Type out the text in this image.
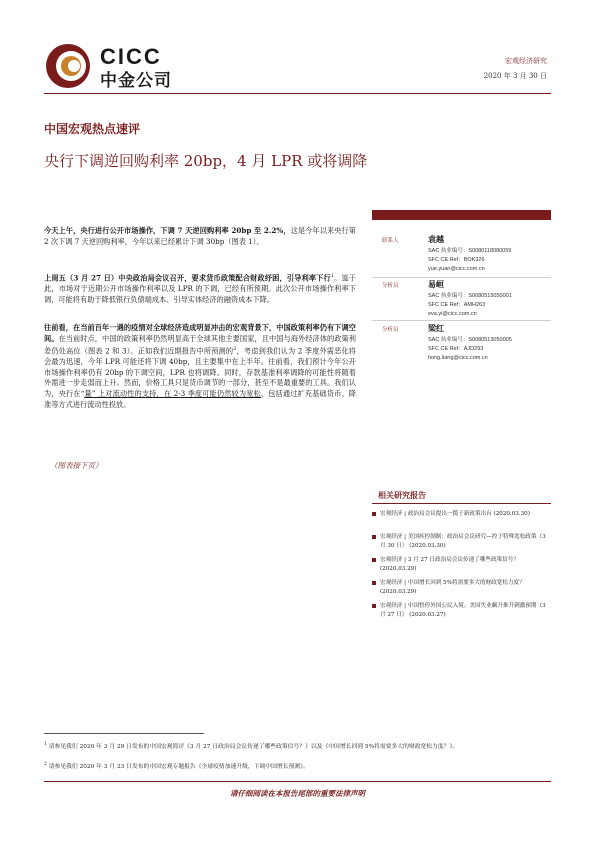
CICC
中金公司
宏观经济研究
2020 年 3 月 30 日
中国宏观热点速评
央行下调逆回购利率 20bp，4 月 LPR 或将调降
今天上午，央行进行公开市场操作，下调 7 天逆回购利率 20bp 至 2.2%，这是今年以来央行第 2 次下调 7 天逆回购利率，今年以来已经累计下调 30bp（图表 1）。
上周五（3 月 27 日）中央政治局会议召开，要求货币政策配合财政纾困，引导利率下行$^1$。鉴于此，市场对于近期公开市场操作利率以及 LPR 的下调，已经有所预期。此次公开市场操作利率下调，可能将有助于降低银行负债端成本、引导实体经济的融资成本下降。
往前看，在当前百年一遇的疫情对全球经济造成明显冲击的宏观背景下，中国政策利率仍有下调空间。在当前时点，中国的政策利率仍然明显高于全球其他主要国家，且中国与海外经济体的政策利差仍处高位（图表 2 和 3）。正如我们近期报告中所预测的$^2$，考虑到我们认为 2 季度外需恶化将会最为迅速，今年 LPR 可能还将下调 40bp，且主要集中在上半年。往前看，我们预计今年公开市场操作利率仍有 20bp 的下调空间，LPR 也将调降。同时，存款基准利率调降的可能性将随着外需进一步走弱而上升。然而，价格工具只是货币调节的一部分，甚至不是最重要的工具。我们认为，央行在“量” 上对流动性的支持，在 2-3 季度可能仍然较为宽松，包括通过扩充基础货币、降准等方式进行流动性投放。
（图表接下页）
联系人	袁越
SAC 执业编号：S0080118080059
SFC CE Ref：BOK326
yue.yuan@cicc.com.cn
分析员	易峘
SAC 执业编号：S0080515050001
SFC CE Ref：AMH263
eva.yi@cicc.com.cn
分析员	梁红
SAC 执业编号：S0080513050005
SFC CE Ref：AJD293
hong.liang@cicc.com.cn
相关研究报告
宏观经济 | 政治局会议提出一揽子新政策出台 (2020.03.30)
宏观经济 | 美国疾控制制：政治局会议研究—控于特殊宽松政策（3 月 30 日） (2020.03.30)
宏观经济 | 3 月 27 日政治局会议传递了哪些政策信号？ (2020.03.29)
宏观经济 | 中国增长回到 5%将需要多大的财政宽松力度？ (2020.03.29)
宏观经济 | 中国暂停外国公民入境；美国失业飙升推升刺激预期（3 月 27 日） (2020.03.27)
$^1$ 请参见我们 2020 年 3 月 29 日发布的中国宏观简评《3 月 27 日政治局会议传递了哪些政策信号？》以及《中国增长回到 5%将需要多大的财政宽松力度？》。
$^2$ 请参见我们 2020 年 3 月 23 日发布的中国宏观专题报告《全球疫情加速升级，下调中国增长预测》。
请仔细阅读在本报告尾部的重要法律声明
